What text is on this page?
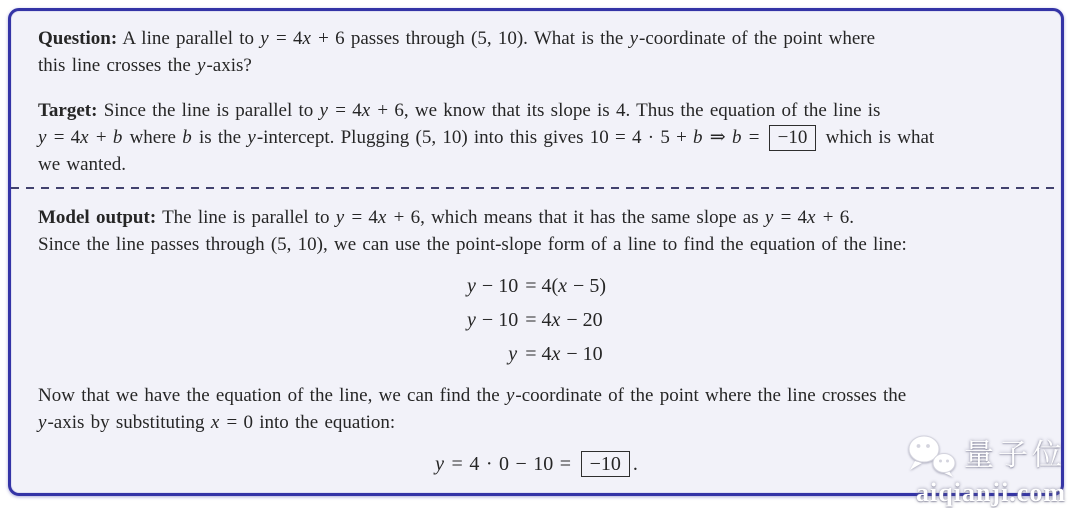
Question: A line parallel to y = 4x + 6 passes through (5, 10). What is the y-coordinate of the point where
this line crosses the y-axis?

Target: Since the line is parallel to y = 4x + 6, we know that its slope is 4. Thus the equation of the line is
y = 4x + b where b is the y-intercept. Plugging (5, 10) into this gives 10 = 4 · 5 + b ⇒ b = −10 which is what
we wanted.

Model output: The line is parallel to y = 4x + 6, which means that it has the same slope as y = 4x + 6.
Since the line passes through (5, 10), we can use the point-slope form of a line to find the equation of the line:

y − 10 = 4(x − 5)
y − 10 = 4x − 20
y = 4x − 10

Now that we have the equation of the line, we can find the y-coordinate of the point where the line crosses the
y-axis by substituting x = 0 into the equation:

y = 4 · 0 − 10 = −10 .	量子位
aiqianji.com
